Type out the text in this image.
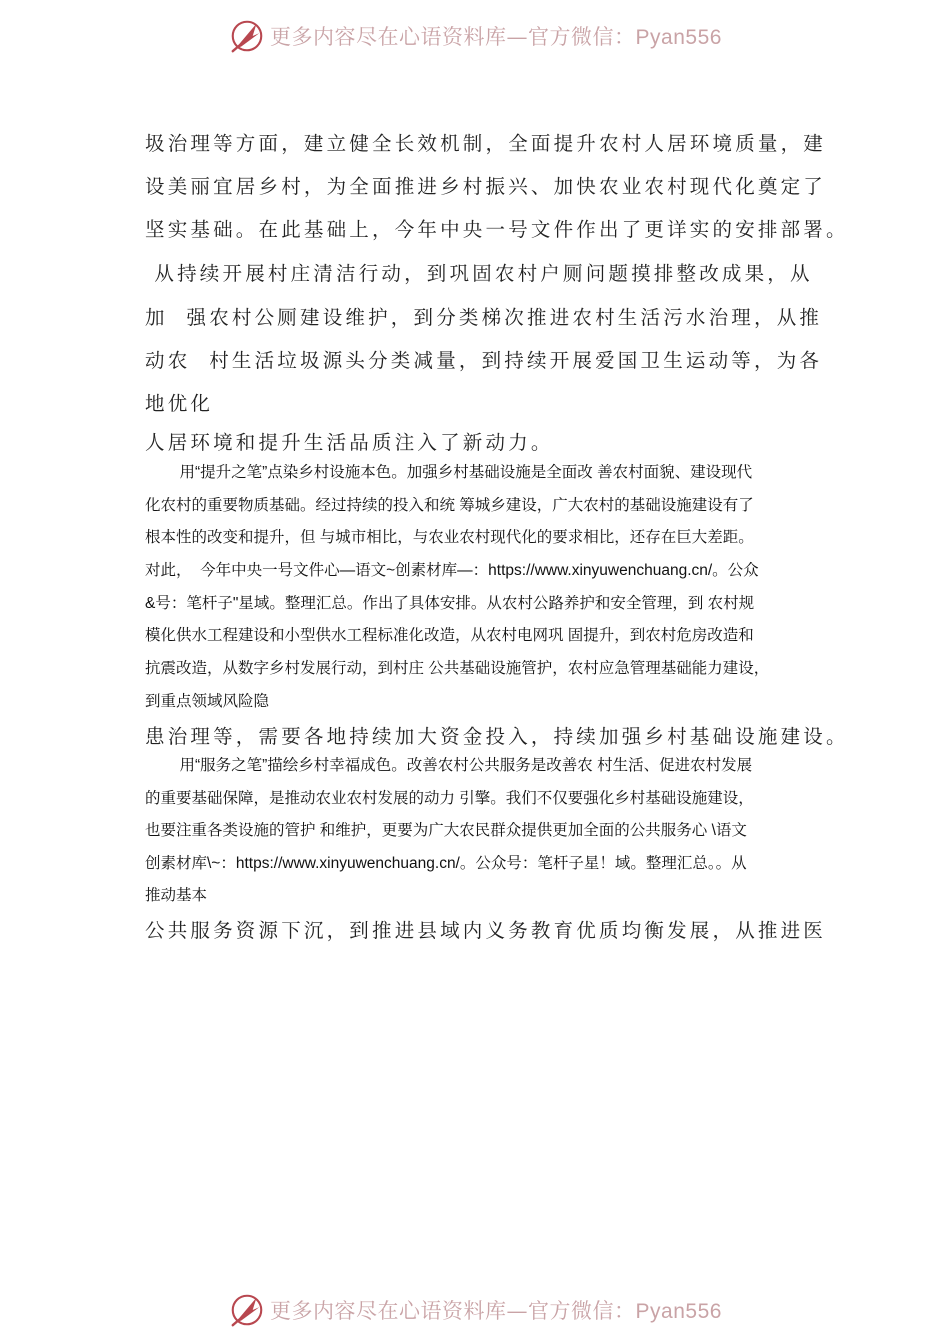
更多内容尽在心语资料库—官方微信：Pyan556
圾治理等方面，建立健全长效机制，全面提升农村人居环境质量，建
设美丽宜居乡村，为全面推进乡村振兴、加快农业农村现代化奠定了
坚实基础。在此基础上，今年中央一号文件作出了更详实的安排部署。
从持续开展村庄清洁行动，到巩固农村户厕问题摸排整改成果，从
加  强农村公厕建设维护，到分类梯次推进农村生活污水治理，从推
动农  村生活垃圾源头分类减量，到持续开展爱国卫生运动等，为各
地优化
人居环境和提升生活品质注入了新动力。
用“提升之笔”点染乡村设施本色。加强乡村基础设施是全面改 善农村面貌、建设现代
化农村的重要物质基础。经过持续的投入和统 筹城乡建设，广大农村的基础设施建设有了
根本性的改变和提升，但 与城市相比，与农业农村现代化的要求相比，还存在巨大差距。
对此，  今年中央一号文件心—语文~创素材库—：https://www.xinyuwenchuang.cn/。公众
&号：笔杆子"星域。整理汇总。作出了具体安排。从农村公路养护和安全管理，到 农村规
模化供水工程建设和小型供水工程标准化改造，从农村电网巩 固提升，到农村危房改造和
抗震改造，从数字乡村发展行动，到村庄 公共基础设施管护，农村应急管理基础能力建设，
到重点领域风险隐
患治理等，需要各地持续加大资金投入，持续加强乡村基础设施建设。
用“服务之笔”描绘乡村幸福成色。改善农村公共服务是改善农 村生活、促进农村发展
的重要基础保障，是推动农业农村发展的动力 引擎。我们不仅要强化乡村基础设施建设，
也要注重各类设施的管护 和维护，更要为广大农民群众提供更加全面的公共服务心 \语文
创素材库\~：https://www.xinyuwenchuang.cn/。公众号：笔杆子星！域。整理汇总。。从
推动基本
公共服务资源下沉，到推进县域内义务教育优质均衡发展，从推进医
更多内容尽在心语资料库—官方微信：Pyan556
